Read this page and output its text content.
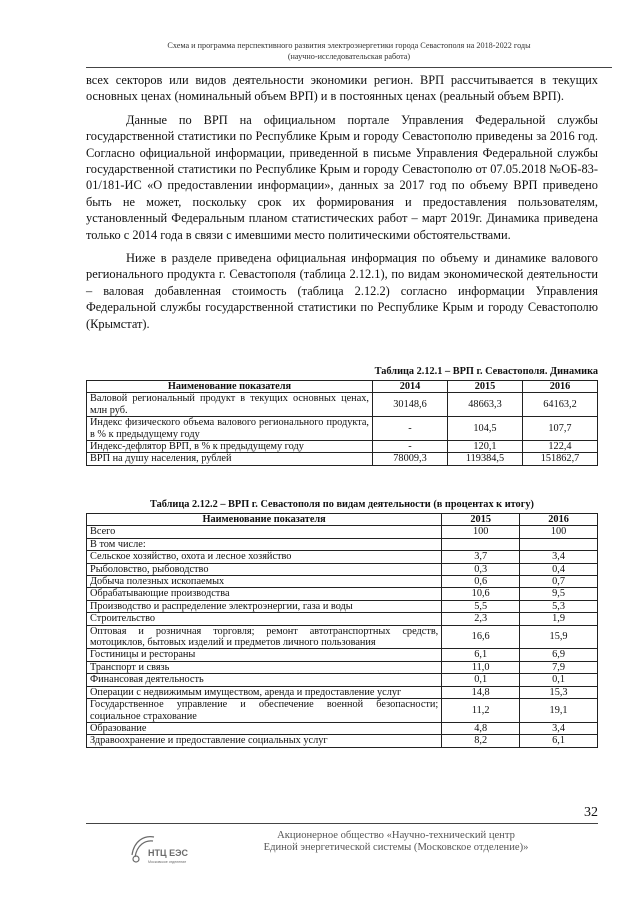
Схема и программа перспективного развития электроэнергетики города Севастополя на 2018-2022 годы
(научно-исследовательская работа)

всех секторов или видов деятельности экономики регион. ВРП рассчитывается в текущих основных ценах (номинальный объем ВРП) и в постоянных ценах (реальный объем ВРП).

Данные по ВРП на официальном портале Управления Федеральной службы государственной статистики по Республике Крым и городу Севастополю приведены за 2016 год. Согласно официальной информации, приведенной в письме Управления Федеральной службы государственной статистики по Республике Крым и городу Севастополю от 07.05.2018 №ОБ-83-01/181-ИС «О предоставлении информации», данных за 2017 год по объему ВРП приведено быть не может, поскольку срок их формирования и предоставления пользователям, установленный Федеральным планом статистических работ – март 2019г. Динамика приведена только с 2014 года в связи с имевшими место политическими обстоятельствами.

Ниже в разделе приведена официальная информация по объему и динамике валового регионального продукта г. Севастополя (таблица 2.12.1), по видам экономической деятельности – валовая добавленная стоимость (таблица 2.12.2) согласно информации Управления Федеральной службы государственной статистики по Республике Крым и городу Севастополю (Крымстат).

Таблица 2.12.1 – ВРП г. Севастополя. Динамика
Наименование показателя	2014	2015	2016
Валовой региональный продукт в текущих основных ценах, млн руб.	30148,6	48663,3	64163,2
Индекс физического объема валового регионального продукта, в % к предыдущему году	-	104,5	107,7
Индекс-дефлятор ВРП, в % к предыдущему году	-	120,1	122,4
ВРП на душу населения, рублей	78009,3	119384,5	151862,7
Таблица 2.12.2 – ВРП г. Севастополя по видам деятельности (в процентах к итогу)
Наименование показателя	2015	2016
Всего	100	100
В том числе:		
Сельское хозяйство, охота и лесное хозяйство	3,7	3,4
Рыболовство, рыбоводство	0,3	0,4
Добыча полезных ископаемых	0,6	0,7
Обрабатывающие производства	10,6	9,5
Производство и распределение электроэнергии, газа и воды	5,5	5,3
Строительство	2,3	1,9
Оптовая и розничная торговля; ремонт автотранспортных средств, мотоциклов, бытовых изделий и предметов личного пользования	16,6	15,9
Гостиницы и рестораны	6,1	6,9
Транспорт и связь	11,0	7,9
Финансовая деятельность	0,1	0,1
Операции с недвижимым имуществом, аренда и предоставление услуг	14,8	15,3
Государственное управление и обеспечение военной безопасности; социальное страхование	11,2	19,1
Образование	4,8	3,4
Здравоохранение и предоставление социальных услуг	8,2	6,1
32
НТЦ ЕЭС
Московское отделение
Акционерное общество «Научно-технический центр
Единой энергетической системы (Московское отделение)»
